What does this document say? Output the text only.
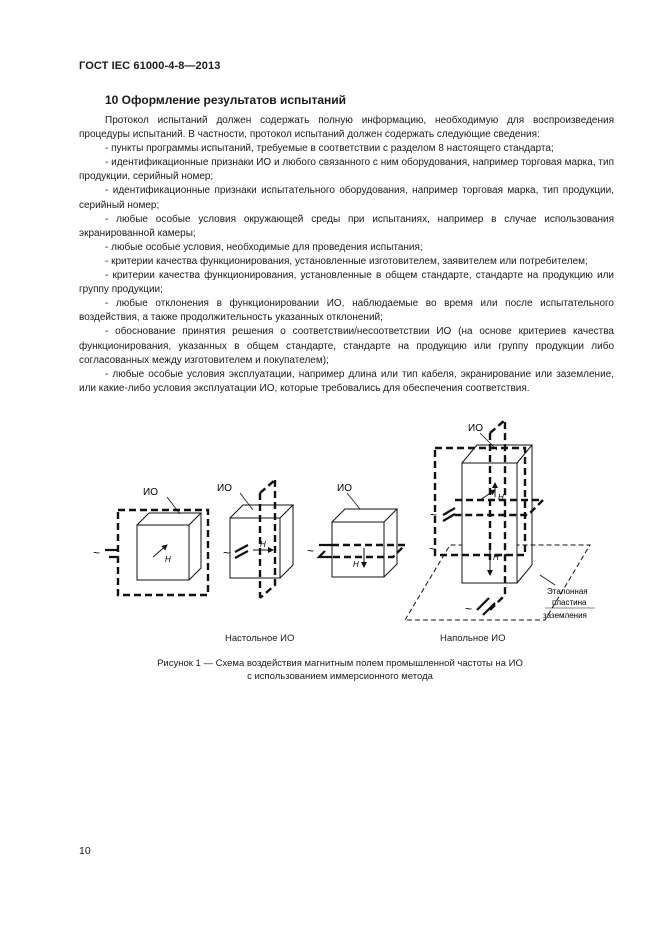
ГОСТ IEC 61000-4-8—2013
10 Оформление результатов испытаний

Протокол испытаний должен содержать полную информацию, необходимую для воспроизведения процедуры испытаний. В частности, протокол испытаний должен содержать следующие сведения:

- пункты программы испытаний, требуемые в соответствии с разделом 8 настоящего стандарта;

- идентификационные признаки ИО и любого связанного с ним оборудования, например торговая марка, тип продукции, серийный номер;

- идентификационные признаки испытательного оборудования, например торговая марка, тип продукции, серийный номер;

- любые особые условия окружающей среды при испытаниях, например в случае использования экранированной камеры;

- любые особые условия, необходимые для проведения испытания;

- критерии качества функционирования, установленные изготовителем, заявителем или потребителем;

- критерии качества функционирования, установленные в общем стандарте, стандарте на продукцию или группу продукции;

- любые отклонения в функционировании ИО, наблюдаемые во время или после испытательного воздействия, а также продолжительность указанных отклонений;

- обоснование принятия решения о соответствии/несоответствии ИО (на основе критериев качества функционирования, указанных в общем стандарте, стандарте на продукцию или группу продукции либо согласованных между изготовителем и покупателем);

- любые особые условия эксплуатации, например длина или тип кабеля, экранирование или заземление, или какие-либо условия эксплуатации ИО, которые требовались для обеспечения соответствия.

H
ИО
~
H
ИО
~
H
ИО
~
H
H
ИО
~
~
~
Эталонная
пластина
заземления
Настольное ИО	Напольное ИО
Рисунок 1 — Схема воздействия магнитным полем промышленной частоты на ИО
с использованием иммерсионного метода
10
